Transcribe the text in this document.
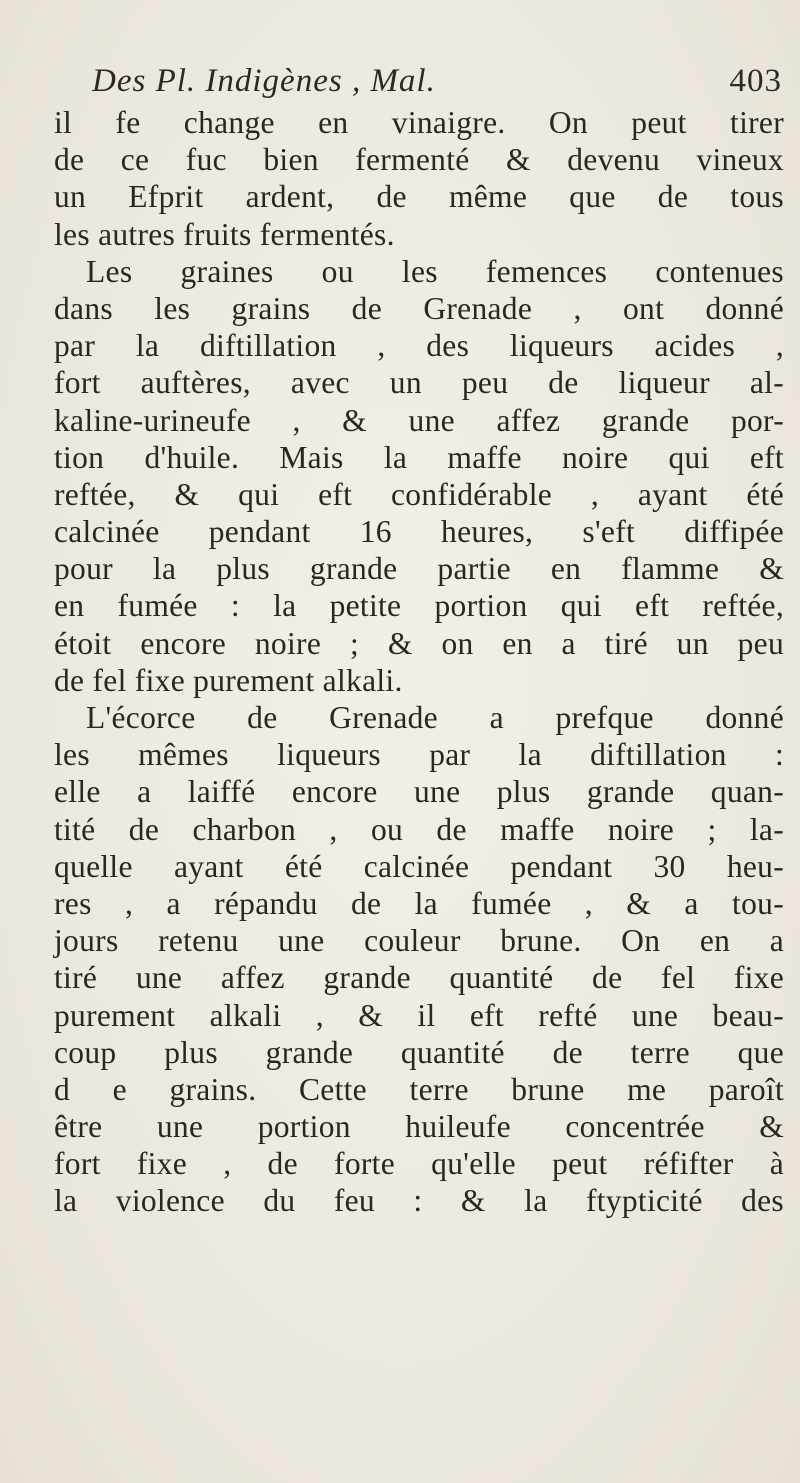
Des Pl. Indigènes , Mal.	403
il fe change en vinaigre. On peut tirer
de ce fuc bien fermenté & devenu vineux
un Efprit ardent, de même que de tous
les autres fruits fermentés.
Les graines ou les femences contenues
dans les grains de Grenade , ont donné
par la diftillation , des liqueurs acides ,
fort auftères, avec un peu de liqueur al-
kaline-urineufe , & une affez grande por-
tion d'huile. Mais la maffe noire qui eft
reftée, & qui eft confidérable , ayant été
calcinée pendant 16 heures, s'eft diffipée
pour la plus grande partie en flamme &
en fumée : la petite portion qui eft reftée,
étoit encore noire ; & on en a tiré un peu
de fel fixe purement alkali.
L'écorce de Grenade a prefque donné
les mêmes liqueurs par la diftillation :
elle a laiffé encore une plus grande quan-
tité de charbon , ou de maffe noire ; la-
quelle ayant été calcinée pendant 30 heu-
res , a répandu de la fumée , & a tou-
jours retenu une couleur brune. On en a
tiré une affez grande quantité de fel fixe
purement alkali , & il eft refté une beau-
coup plus grande quantité de terre que
d e grains. Cette terre brune me paroît
être une portion huileufe concentrée &
fort fixe , de forte qu'elle peut réfifter à
la violence du feu : & la ftypticité des
